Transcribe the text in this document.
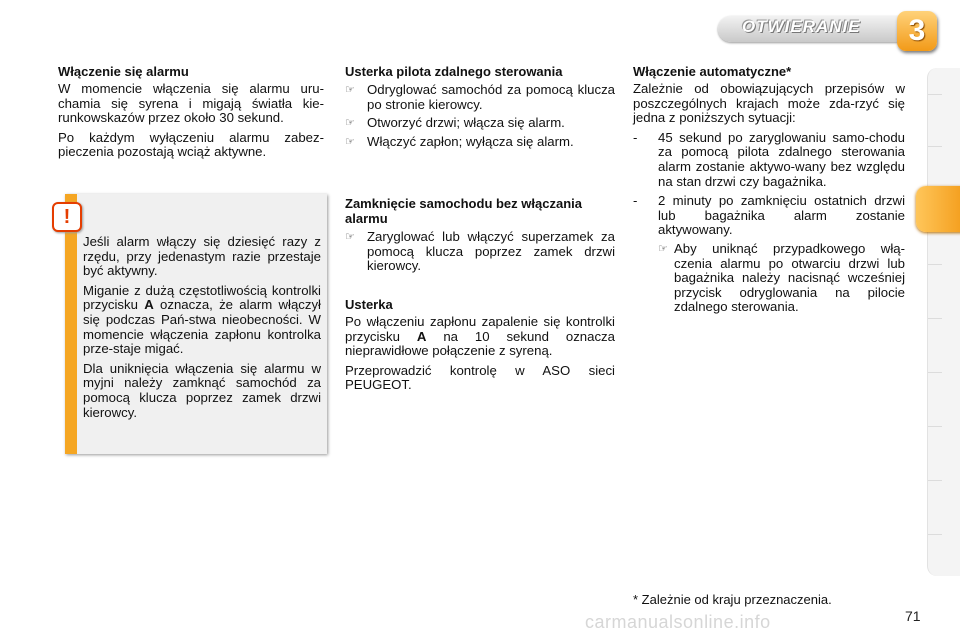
OTWIERANIE	3
Włączenie się alarmu

W momencie włączenia się alarmu uru-chamia się syrena i migają światła kie-runkowskazów przez około 30 sekund.

Po każdym wyłączeniu alarmu zabez-pieczenia pozostają wciąż aktywne.

!

Jeśli alarm włączy się dziesięć razy z rzędu, przy jedenastym razie przestaje być aktywny.

Miganie z dużą częstotliwością kontrolki przycisku A oznacza, że alarm włączył się podczas Pań-stwa nieobecności. W momencie włączenia zapłonu kontrolka prze-staje migać.

Dla uniknięcia włączenia się alarmu w myjni należy zamknąć samochód za pomocą klucza poprzez zamek drzwi kierowcy.

Usterka pilota zdalnego sterowania
☞ Odryglować samochód za pomocą klucza po stronie kierowcy.
☞ Otworzyć drzwi; włącza się alarm.
☞ Włączyć zapłon; wyłącza się alarm.
Zamknięcie samochodu bez włączania alarmu
☞ Zaryglować lub włączyć superzamek za pomocą klucza poprzez zamek drzwi kierowcy.
Usterka

Po włączeniu zapłonu zapalenie się kontrolki przycisku A na 10 sekund oznacza nieprawidłowe połączenie z syreną.

Przeprowadzić kontrolę w ASO sieci PEUGEOT.

Włączenie automatyczne*

Zależnie od obowiązujących przepisów w poszczególnych krajach może zda-rzyć się jedna z poniższych sytuacji:

-	45 sekund po zaryglowaniu samo-chodu za pomocą pilota zdalnego sterowania alarm zostanie aktywo-wany bez względu na stan drzwi czy bagażnika.
-	2 minuty po zamknięciu ostatnich drzwi lub bagażnika alarm zostanie aktywowany.
☞ Aby uniknąć przypadkowego włą-czenia alarmu po otwarciu drzwi lub bagażnika należy nacisnąć wcześniej przycisk odryglowania na pilocie zdalnego sterowania.
* Zależnie od kraju przeznaczenia.
carmanualsonline.info	71
